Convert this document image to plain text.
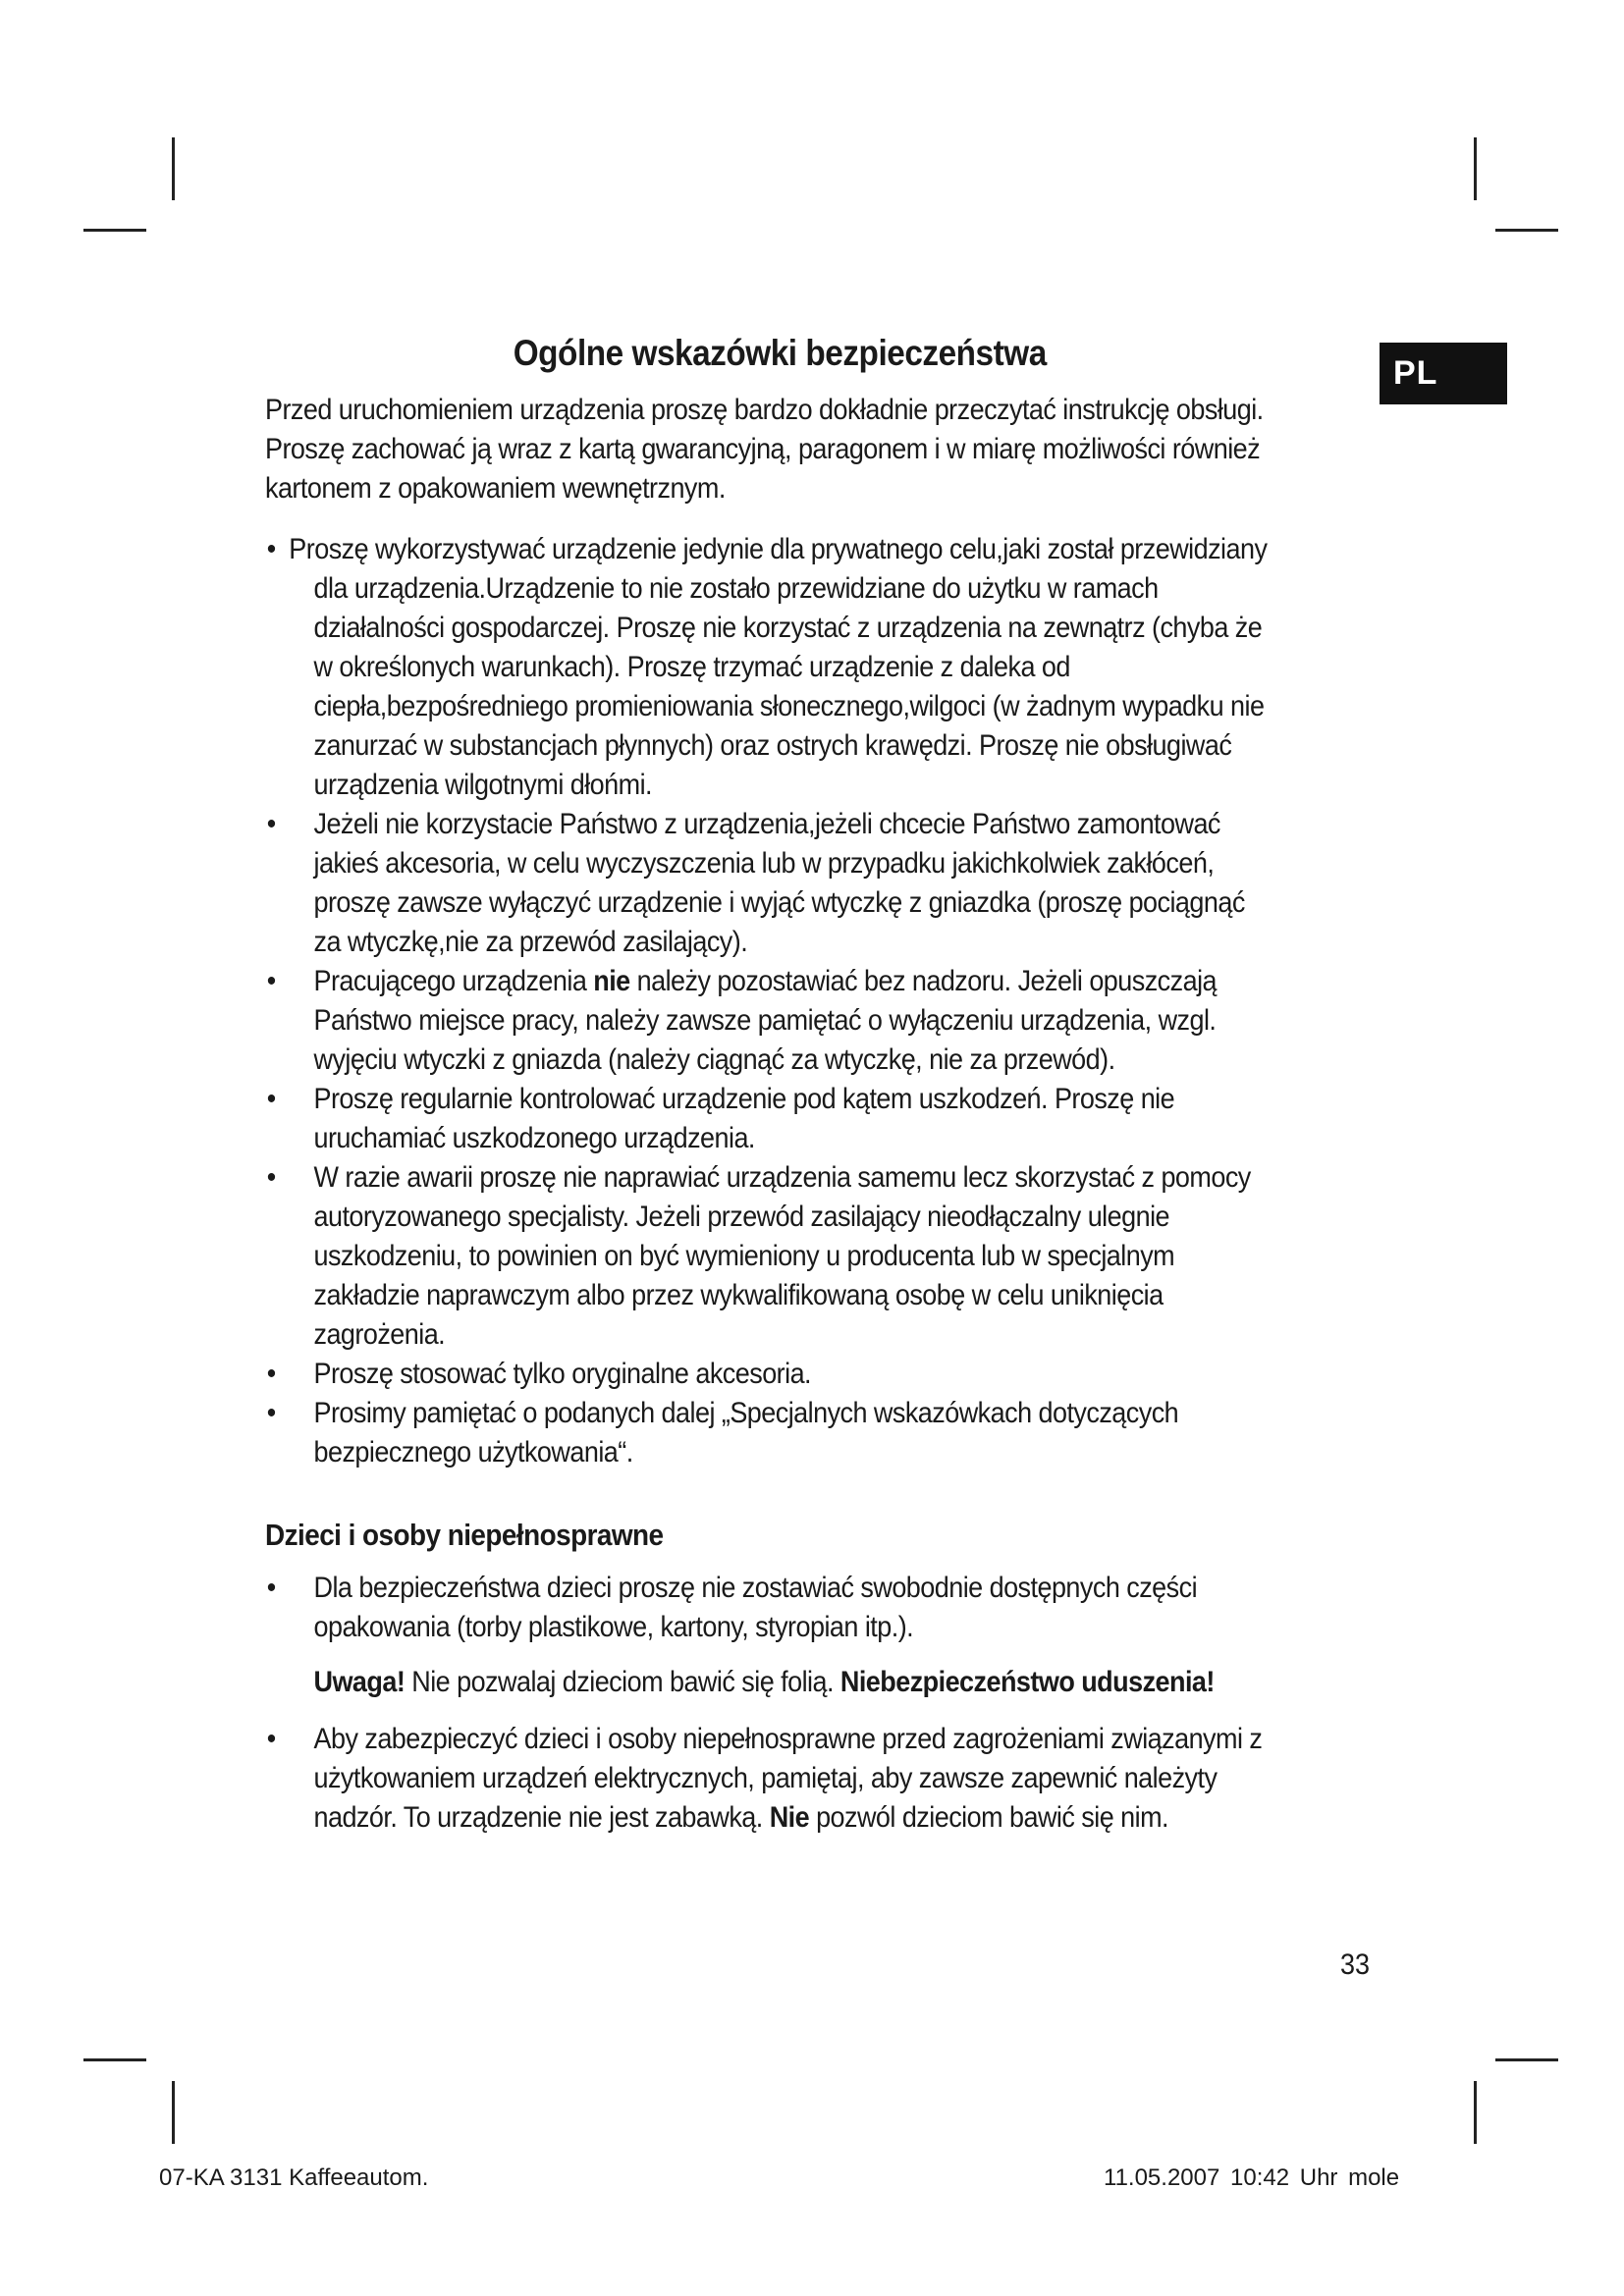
PL
Ogólne wskazówki bezpieczeństwa

Przed uruchomieniem urządzenia proszę bardzo dokładnie przeczytać instrukcję obsługi. Proszę zachować ją wraz z kartą gwarancyjną, paragonem i w miarę możliwości również kartonem z opakowaniem wewnętrznym.

• Proszę wykorzystywać urządzenie jedynie dla prywatnego celu,jaki został przewidziany dla urządzenia.Urządzenie to nie zostało przewidziane do użytku w ramach działalności gospodarczej. Proszę nie korzystać z urządzenia na zewnątrz (chyba że w określonych warunkach). Proszę trzymać urządzenie z daleka od ciepła,bezpośredniego promieniowania słonecznego,wilgoci (w żadnym wypadku nie zanurzać w substancjach płynnych) oraz ostrych krawędzi. Proszę nie obsługiwać urządzenia wilgotnymi dłońmi.
• Jeżeli nie korzystacie Państwo z urządzenia,jeżeli chcecie Państwo zamontować jakieś akcesoria, w celu wyczyszczenia lub w przypadku jakichkolwiek zakłóceń, proszę zawsze wyłączyć urządzenie i wyjąć wtyczkę z gniazdka (proszę pociągnąć za wtyczkę,nie za przewód zasilający).
• Pracującego urządzenia nie należy pozostawiać bez nadzoru. Jeżeli opuszczają Państwo miejsce pracy, należy zawsze pamiętać o wyłączeniu urządzenia, wzgl. wyjęciu wtyczki z gniazda (należy ciągnąć za wtyczkę, nie za przewód).
• Proszę regularnie kontrolować urządzenie pod kątem uszkodzeń. Proszę nie uruchamiać uszkodzonego urządzenia.
• W razie awarii proszę nie naprawiać urządzenia samemu lecz skorzystać z pomocy autoryzowanego specjalisty. Jeżeli przewód zasilający nieodłączalny ulegnie uszkodzeniu, to powinien on być wymieniony u producenta lub w specjalnym zakładzie naprawczym albo przez wykwalifikowaną osobę w celu uniknięcia zagrożenia.
• Proszę stosować tylko oryginalne akcesoria.
• Prosimy pamiętać o podanych dalej „Specjalnych wskazówkach dotyczących bezpiecznego użytkowania“.
Dzieci i osoby niepełnosprawne
• Dla bezpieczeństwa dzieci proszę nie zostawiać swobodnie dostępnych części opakowania (torby plastikowe, kartony, styropian itp.).

Uwaga! Nie pozwalaj dzieciom bawić się folią. Niebezpieczeństwo uduszenia!

• Aby zabezpieczyć dzieci i osoby niepełnosprawne przed zagrożeniami związanymi z użytkowaniem urządzeń elektrycznych, pamiętaj, aby zawsze zapewnić należyty nadzór. To urządzenie nie jest zabawką. Nie pozwól dzieciom bawić się nim.
33
07-KA 3131 Kaffeeautom.	11.05.2007 10:42 Uhr mole
